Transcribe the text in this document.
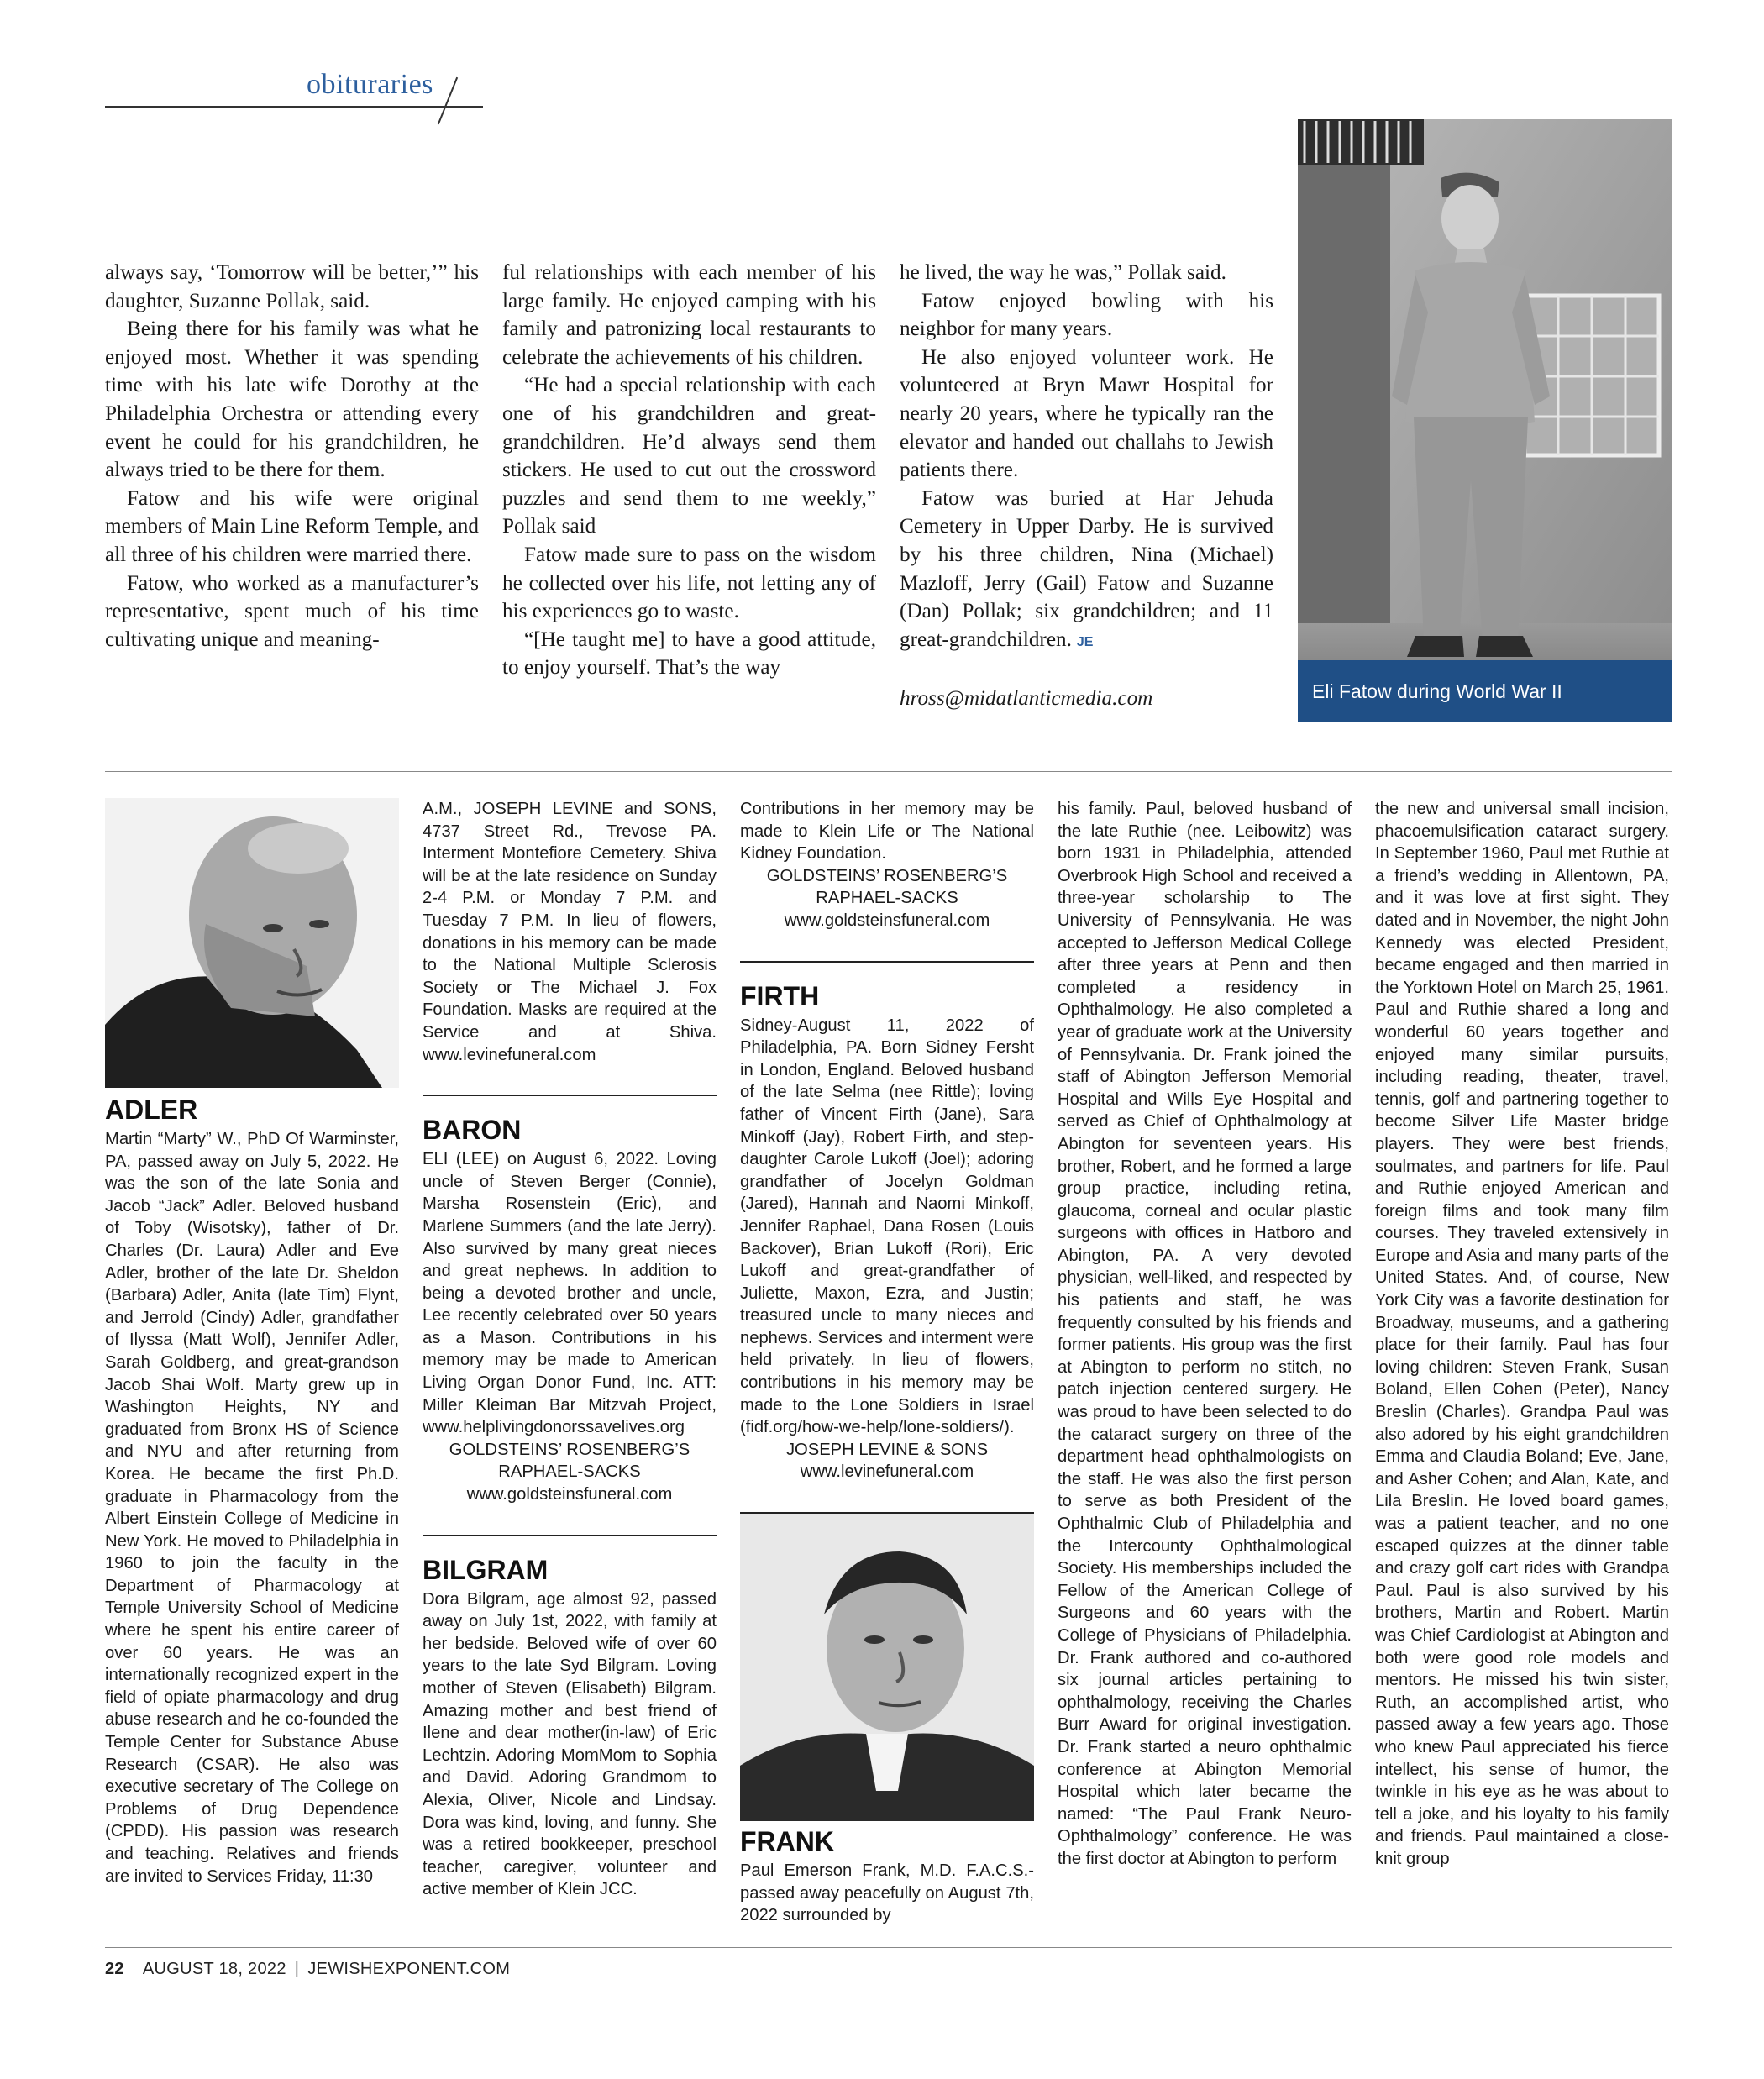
obituraries

always say, ‘Tomorrow will be better,’” his daughter, Suzanne Pollak, said.

Being there for his family was what he enjoyed most. Whether it was spending time with his late wife Dorothy at the Philadelphia Orchestra or attending every event he could for his grandchildren, he always tried to be there for them.

Fatow and his wife were original members of Main Line Reform Temple, and all three of his children were married there.

Fatow, who worked as a manufacturer’s representative, spent much of his time cultivating unique and meaning-

ful relationships with each member of his large family. He enjoyed camping with his family and patronizing local restaurants to celebrate the achievements of his children.

“He had a special relationship with each one of his grandchildren and great-grandchildren. He’d always send them stickers. He used to cut out the crossword puzzles and send them to me weekly,” Pollak said

Fatow made sure to pass on the wisdom he collected over his life, not letting any of his experiences go to waste.

“[He taught me] to have a good attitude, to enjoy yourself. That’s the way

he lived, the way he was,” Pollak said.

Fatow enjoyed bowling with his neighbor for many years.

He also enjoyed volunteer work. He volunteered at Bryn Mawr Hospital for nearly 20 years, where he typically ran the elevator and handed out challahs to Jewish patients there.

Fatow was buried at Har Jehuda Cemetery in Upper Darby. He is survived by his three children, Nina (Michael) Mazloff, Jerry (Gail) Fatow and Suzanne (Dan) Pollak; six grandchildren; and 11 great-grandchildren. JE

hross@midatlanticmedia.com	Eli Fatow during World War II
ADLER

Martin “Marty” W., PhD Of Warminster, PA, passed away on July 5, 2022. He was the son of the late Sonia and Jacob “Jack” Adler. Beloved husband of Toby (Wisotsky), father of Dr. Charles (Dr. Laura) Adler and Eve Adler, brother of the late Dr. Sheldon (Barbara) Adler, Anita (late Tim) Flynt, and Jerrold (Cindy) Adler, grandfather of Ilyssa (Matt Wolf), Jennifer Adler, Sarah Goldberg, and great-grandson Jacob Shai Wolf. Marty grew up in Washington Heights, NY and graduated from Bronx HS of Science and NYU and after returning from Korea. He became the first Ph.D. graduate in Pharmacology from the Albert Einstein College of Medicine in New York. He moved to Philadelphia in 1960 to join the faculty in the Department of Pharmacology at Temple University School of Medicine where he spent his entire career of over 60 years. He was an internationally recognized expert in the field of opiate pharmacology and drug abuse research and he co-founded the Temple Center for Substance Abuse Research (CSAR). He also was executive secretary of The College on Problems of Drug Dependence (CPDD). His passion was research and teaching. Relatives and friends are invited to Services Friday, 11:30

A.M., JOSEPH LEVINE and SONS, 4737 Street Rd., Trevose PA. Interment Montefiore Cemetery. Shiva will be at the late residence on Sunday 2-4 P.M. or Monday 7 P.M. and Tuesday 7 P.M. In lieu of flowers, donations in his memory can be made to the National Multiple Sclerosis Society or The Michael J. Fox Foundation. Masks are required at the Service and at Shiva. www.levinefuneral.com

BARON

ELI (LEE) on August 6, 2022. Loving uncle of Steven Berger (Connie), Marsha Rosenstein (Eric), and Marlene Summers (and the late Jerry). Also survived by many great nieces and great nephews. In addition to being a devoted brother and uncle, Lee recently celebrated over 50 years as a Mason. Contributions in his memory may be made to American Living Organ Donor Fund, Inc. ATT: Miller Kleiman Bar Mitzvah Project, www.helplivingdonorssavelives.org

GOLDSTEINS’ ROSENBERG’S

RAPHAEL-SACKS

www.goldsteinsfuneral.com

BILGRAM

Dora Bilgram, age almost 92, passed away on July 1st, 2022, with family at her bedside. Beloved wife of over 60 years to the late Syd Bilgram. Loving mother of Steven (Elisabeth) Bilgram. Amazing mother and best friend of Ilene and dear mother(in-law) of Eric Lechtzin. Adoring MomMom to Sophia and David. Adoring Grandmom to Alexia, Oliver, Nicole and Lindsay. Dora was kind, loving, and funny. She was a retired bookkeeper, preschool teacher, caregiver, volunteer and active member of Klein JCC.

Contributions in her memory may be made to Klein Life or The National Kidney Foundation.

GOLDSTEINS’ ROSENBERG’S

RAPHAEL-SACKS

www.goldsteinsfuneral.com

FIRTH

Sidney-August 11, 2022 of Philadelphia, PA. Born Sidney Fersht in London, England. Beloved husband of the late Selma (nee Rittle); loving father of Vincent Firth (Jane), Sara Minkoff (Jay), Robert Firth, and step-daughter Carole Lukoff (Joel); adoring grandfather of Jocelyn Goldman (Jared), Hannah and Naomi Minkoff, Jennifer Raphael, Dana Rosen (Louis Backover), Brian Lukoff (Rori), Eric Lukoff and great-grandfather of Juliette, Maxon, Ezra, and Justin; treasured uncle to many nieces and nephews. Services and interment were held privately. In lieu of flowers, contributions in his memory may be made to the Lone Soldiers in Israel (fidf.org/how-we-help/lone-soldiers/).

JOSEPH LEVINE & SONS

www.levinefuneral.com

FRANK

Paul Emerson Frank, M.D. F.A.C.S.-passed away peacefully on August 7th, 2022 surrounded by

his family. Paul, beloved husband of the late Ruthie (nee. Leibowitz) was born 1931 in Philadelphia, attended Overbrook High School and received a three-year scholarship to The University of Pennsylvania. He was accepted to Jefferson Medical College after three years at Penn and then completed a residency in Ophthalmology. He also completed a year of graduate work at the University of Pennsylvania. Dr. Frank joined the staff of Abington Jefferson Memorial Hospital and Wills Eye Hospital and served as Chief of Ophthalmology at Abington for seventeen years. His brother, Robert, and he formed a large group practice, including retina, glaucoma, corneal and ocular plastic surgeons with offices in Hatboro and Abington, PA. A very devoted physician, well-liked, and respected by his patients and staff, he was frequently consulted by his friends and former patients. His group was the first at Abington to perform no stitch, no patch injection centered surgery. He was proud to have been selected to do the cataract surgery on three of the department head ophthalmologists on the staff. He was also the first person to serve as both President of the Ophthalmic Club of Philadelphia and the Intercounty Ophthalmological Society. His memberships included the Fellow of the American College of Surgeons and 60 years with the College of Physicians of Philadelphia. Dr. Frank authored and co-authored six journal articles pertaining to ophthalmology, receiving the Charles Burr Award for original investigation. Dr. Frank started a neuro ophthalmic conference at Abington Memorial Hospital which later became the named: “The Paul Frank Neuro-Ophthalmology” conference. He was the first doctor at Abington to perform

the new and universal small incision, phacoemulsification cataract surgery. In September 1960, Paul met Ruthie at a friend’s wedding in Allentown, PA, and it was love at first sight. They dated and in November, the night John Kennedy was elected President, became engaged and then married in the Yorktown Hotel on March 25, 1961. Paul and Ruthie shared a long and wonderful 60 years together and enjoyed many similar pursuits, including reading, theater, travel, tennis, golf and partnering together to become Silver Life Master bridge players. They were best friends, soulmates, and partners for life. Paul and Ruthie enjoyed American and foreign films and took many film courses. They traveled extensively in Europe and Asia and many parts of the United States. And, of course, New York City was a favorite destination for Broadway, museums, and a gathering place for their family. Paul has four loving children: Steven Frank, Susan Boland, Ellen Cohen (Peter), Nancy Breslin (Charles). Grandpa Paul was also adored by his eight grandchildren Emma and Claudia Boland; Eve, Jane, and Asher Cohen; and Alan, Kate, and Lila Breslin. He loved board games, was a patient teacher, and no one escaped quizzes at the dinner table and crazy golf cart rides with Grandpa Paul. Paul is also survived by his brothers, Martin and Robert. Martin was Chief Cardiologist at Abington and both were good role models and mentors. He missed his twin sister, Ruth, an accomplished artist, who passed away a few years ago. Those who knew Paul appreciated his fierce intellect, his sense of humor, the twinkle in his eye as he was about to tell a joke, and his loyalty to his family and friends. Paul maintained a close-knit group

22 AUGUST 18, 2022 | JEWISHEXPONENT.COM
